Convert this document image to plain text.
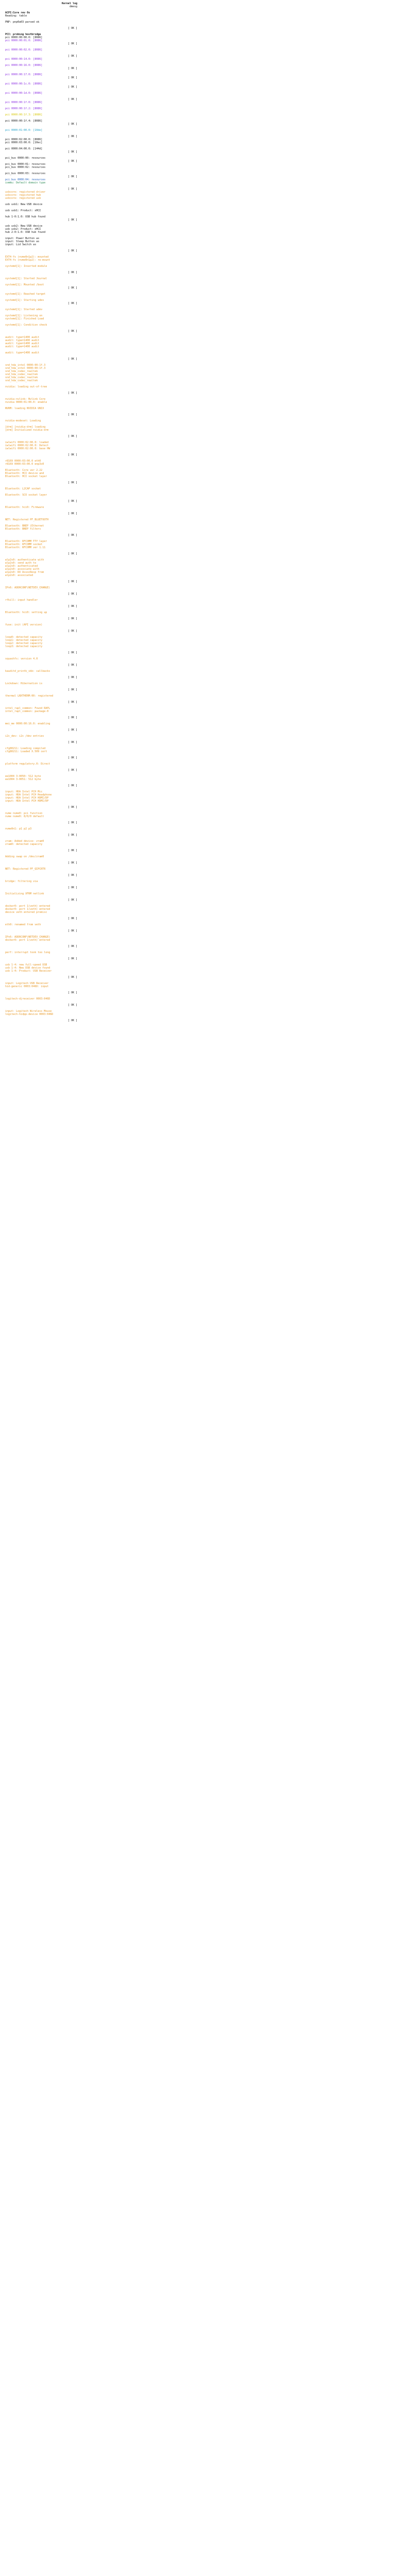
Kernel log
dmesg
ACPI:Core rev 0x
Reading: table
PNP: pnp0a03 parsed ok
[ OK ]
PCI: probing hostbridge
pci 0000:00:00.0: [8086]
pci 0000:00:01.0: [8086]
[ OK ]
pci 0000:00:02.0: [8086]
[ OK ]
pci 0000:00:14.0: [8086]
pci 0000:00:16.0: [8086]
[ OK ]
pci 0000:00:17.0: [8086]
[ OK ]
pci 0000:00:1c.0: [8086]
[ OK ]
pci 0000:00:1d.0: [8086]
[ OK ]
pci 0000:00:1f.0: [8086]
pci 0000:00:1f.2: [8086]
pci 0000:00:1f.3: [8086]
pci 0000:00:1f.4: [8086]
[ OK ]
pci 0000:01:00.0: [10de]
[ OK ]
pci 0000:02:00.0: [8086]
pci 0000:03:00.0: [10ec]
pci 0000:04:00.0: [144d]
[ OK ]
pci_bus 0000:00: resources
[ OK ]
pci_bus 0000:01: resources
pci_bus 0000:02: resources
pci_bus 0000:03: resources
[ OK ]
pci_bus 0000:04: resources
iommu: Default domain type
[ OK ]
usbcore: registered driver
usbcore: registered hub
usbcore: registered usb
usb usb1: New USB device
usb usb1: Product: xHCI
hub 1-0:1.0: USB hub found
[ OK ]
usb usb2: New USB device
usb usb2: Product: xHCI
hub 2-0:1.0: USB hub found
input: Power Button as
input: Sleep Button as
input: Lid Switch as
[ OK ]
EXT4-fs (nvme0n1p2): mounted
EXT4-fs (nvme0n1p2): re-mount
systemd[1]: Inserted module
[ OK ]
systemd[1]: Started Journal
systemd[1]: Mounted /boot
[ OK ]
systemd[1]: Reached target
systemd[1]: Starting udev
[ OK ]
systemd[1]: Started udev
systemd[1]: Listening on
systemd[1]: Finished Load
systemd[1]: Condition check
[ OK ]
audit: type=1400 audit
audit: type=1400 audit
audit: type=1400 audit
audit: type=1400 audit
audit: type=1400 audit
[ OK ]
snd_hda_intel 0000:00:1f.3
snd_hda_intel 0000:00:1f.3
snd_hda_codec_realtek
snd_hda_codec_realtek
snd_hda_codec_realtek
snd_hda_codec_realtek
nvidia: loading out-of-tree
[ OK ]
nvidia-nvlink: Nvlink Core
nvidia 0000:01:00.0: enable
NVRM: loading NVIDIA UNIX
[ OK ]
nvidia-modeset: Loading
[drm] [nvidia-drm] loading
[drm] Initialized nvidia-drm
[ OK ]
iwlwifi 0000:02:00.0: loaded
iwlwifi 0000:02:00.0: Detect
iwlwifi 0000:02:00.0: base HW
[ OK ]
r8169 0000:03:00.0 eth0
r8169 0000:03:00.0 enp3s0
Bluetooth: Core ver 2.22
Bluetooth: HCI device and
Bluetooth: HCI socket layer
[ OK ]
Bluetooth: L2CAP socket
Bluetooth: SCO socket layer
[ OK ]
Bluetooth: hci0: Firmware
[ OK ]
NET: Registered PF_BLUETOOTH
Bluetooth: BNEP (Ethernet
Bluetooth: BNEP filters
[ OK ]
Bluetooth: RFCOMM TTY layer
Bluetooth: RFCOMM socket
Bluetooth: RFCOMM ver 1.11
[ OK ]
wlp2s0: authenticate with
wlp2s0: send auth to
wlp2s0: authenticated
wlp2s0: associate with
wlp2s0: RX AssocResp from
wlp2s0: associated
[ OK ]
IPv6: ADDRCONF(NETDEV_CHANGE)
[ OK ]
rfkill: input handler
[ OK ]
Bluetooth: hci0: setting up
[ OK ]
fuse: init (API version)
[ OK ]
loop0: detected capacity
loop1: detected capacity
loop2: detected capacity
loop3: detected capacity
[ OK ]
squashfs: version 4.0
[ OK ]
kauditd_printk_skb: callbacks
[ OK ]
Lockdown: Hibernation is
[ OK ]
thermal LNXTHERM:00: registered
[ OK ]
intel_rapl_common: Found RAPL
intel_rapl_common: package-0
[ OK ]
mei_me 0000:00:16.0: enabling
[ OK ]
i2c_dev: i2c /dev entries
[ OK ]
cfg80211: Loading compiled
cfg80211: Loaded X.509 cert
[ OK ]
platform regulatory.0: Direct
[ OK ]
ee1004 3-0050: 512 byte
ee1004 3-0051: 512 byte
[ OK ]
input: HDA Intel PCH Mic
input: HDA Intel PCH Headphone
input: HDA Intel PCH HDMI/DP
input: HDA Intel PCH HDMI/DP
[ OK ]
nvme nvme0: pci function
nvme nvme0: 8/0/0 default
[ OK ]
nvme0n1: p1 p2 p3
[ OK ]
zram: Added device: zram0
zram0: detected capacity
[ OK ]
Adding swap on /dev/zram0
[ OK ]
NET: Registered PF_QIPCRTR
[ OK ]
bridge: filtering via
[ OK ]
Initializing XFRM netlink
[ OK ]
docker0: port 1(veth) entered
docker0: port 1(veth) entered
device veth entered promisc
[ OK ]
eth0: renamed from veth
[ OK ]
IPv6: ADDRCONF(NETDEV_CHANGE)
docker0: port 1(veth) entered
[ OK ]
perf: interrupt took too long
[ OK ]
usb 1-4: new full-speed USB
usb 1-4: New USB device found
usb 1-4: Product: USB Receiver
[ OK ]
input: Logitech USB Receiver
hid-generic 0003:046D: input
[ OK ]
logitech-djreceiver 0003:046D
[ OK ]
input: Logitech Wireless Mouse
logitech-hidpp-device 0003:046D
[ OK ]
